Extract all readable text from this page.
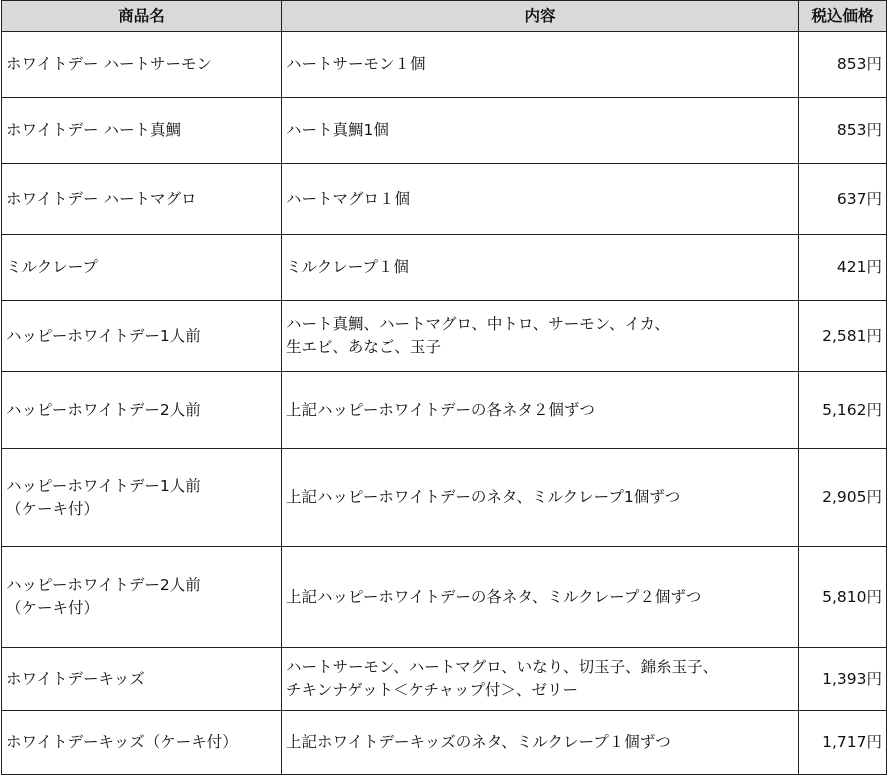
商品名	内容	税込価格

ホワイトデー ハートサーモン	ハートサーモン１個	853円

ホワイトデー ハート真鯛	ハート真鯛1個	853円

ホワイトデー ハートマグロ	ハートマグロ１個	637円

ミルクレープ	ミルクレープ１個	421円

ハッピーホワイトデー1人前	ハート真鯛、ハートマグロ、中トロ、サーモン、イカ、
生エビ、あなご、玉子	2,581円

ハッピーホワイトデー2人前	上記ハッピーホワイトデーの各ネタ２個ずつ	5,162円

ハッピーホワイトデー1人前
（ケーキ付）	上記ハッピーホワイトデーのネタ、ミルクレープ1個ずつ	2,905円

ハッピーホワイトデー2人前
（ケーキ付）	上記ハッピーホワイトデーの各ネタ、ミルクレープ２個ずつ	5,810円

ホワイトデーキッズ	ハートサーモン、ハートマグロ、いなり、切玉子、錦糸玉子、
チキンナゲット＜ケチャップ付＞、ゼリー	1,393円

ホワイトデーキッズ（ケーキ付）	上記ホワイトデーキッズのネタ、ミルクレープ１個ずつ	1,717円
